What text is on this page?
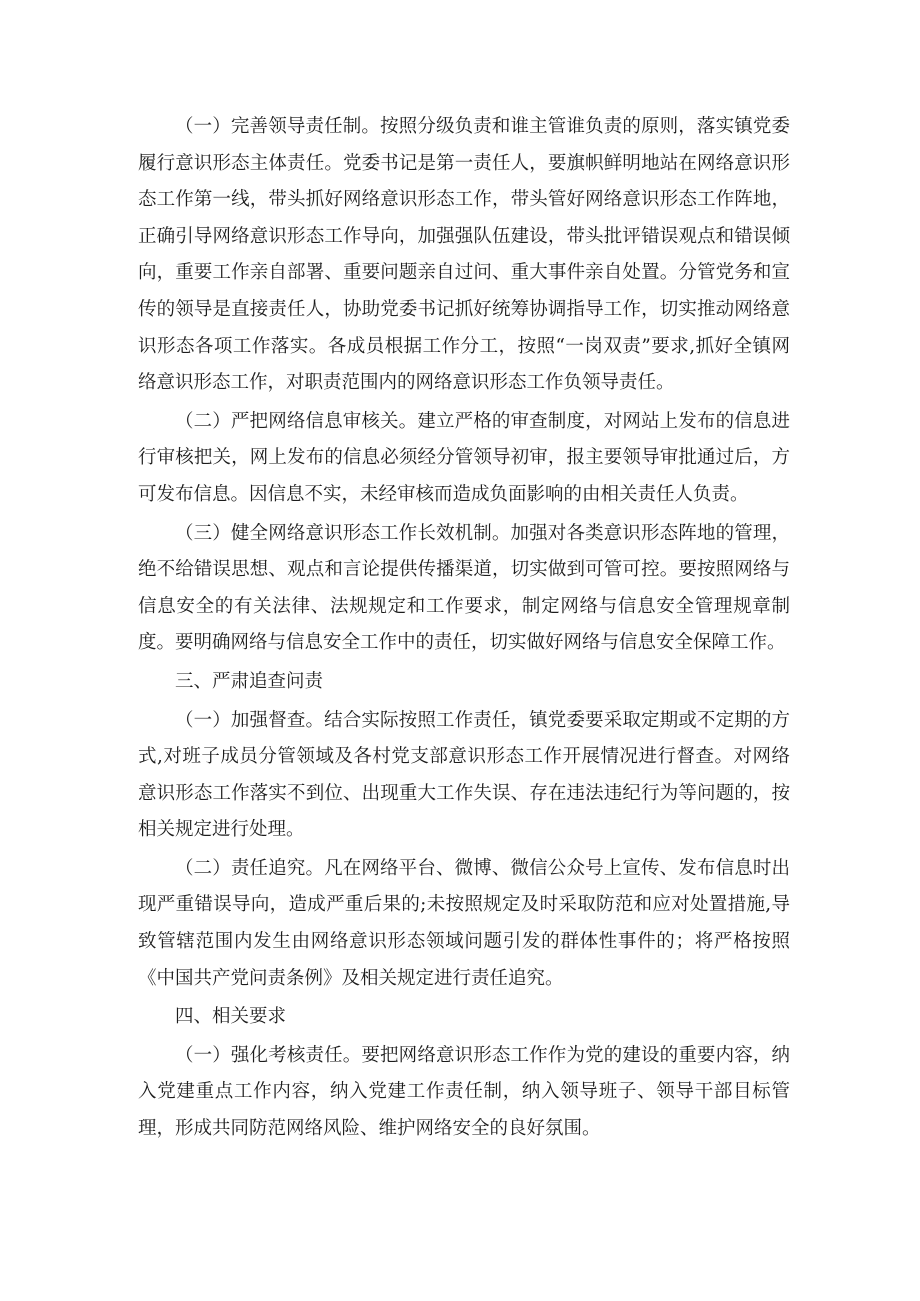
（一）完善领导责任制。按照分级负责和谁主管谁负责的原则，落实镇党委履行意识形态主体责任。党委书记是第一责任人，要旗帜鲜明地站在网络意识形态工作第一线，带头抓好网络意识形态工作，带头管好网络意识形态工作阵地，正确引导网络意识形态工作导向，加强强队伍建设，带头批评错误观点和错误倾向，重要工作亲自部署、重要问题亲自过问、重大事件亲自处置。分管党务和宣传的领导是直接责任人，协助党委书记抓好统筹协调指导工作，切实推动网络意识形态各项工作落实。各成员根据工作分工，按照“一岗双责”要求,抓好全镇网络意识形态工作，对职责范围内的网络意识形态工作负领导责任。

（二）严把网络信息审核关。建立严格的审查制度，对网站上发布的信息进行审核把关，网上发布的信息必须经分管领导初审，报主要领导审批通过后，方可发布信息。因信息不实，未经审核而造成负面影响的由相关责任人负责。

（三）健全网络意识形态工作长效机制。加强对各类意识形态阵地的管理，绝不给错误思想、观点和言论提供传播渠道，切实做到可管可控。要按照网络与信息安全的有关法律、法规规定和工作要求，制定网络与信息安全管理规章制度。要明确网络与信息安全工作中的责任，切实做好网络与信息安全保障工作。

三、严肃追查问责

（一）加强督查。结合实际按照工作责任，镇党委要采取定期或不定期的方式,对班子成员分管领域及各村党支部意识形态工作开展情况进行督查。对网络意识形态工作落实不到位、出现重大工作失误、存在违法违纪行为等问题的，按相关规定进行处理。

（二）责任追究。凡在网络平台、微博、微信公众号上宣传、发布信息时出现严重错误导向，造成严重后果的;未按照规定及时采取防范和应对处置措施,导致管辖范围内发生由网络意识形态领域问题引发的群体性事件的；将严格按照《中国共产党问责条例》及相关规定进行责任追究。

四、相关要求

（一）强化考核责任。要把网络意识形态工作作为党的建设的重要内容，纳入党建重点工作内容，纳入党建工作责任制，纳入领导班子、领导干部目标管理，形成共同防范网络风险、维护网络安全的良好氛围。
